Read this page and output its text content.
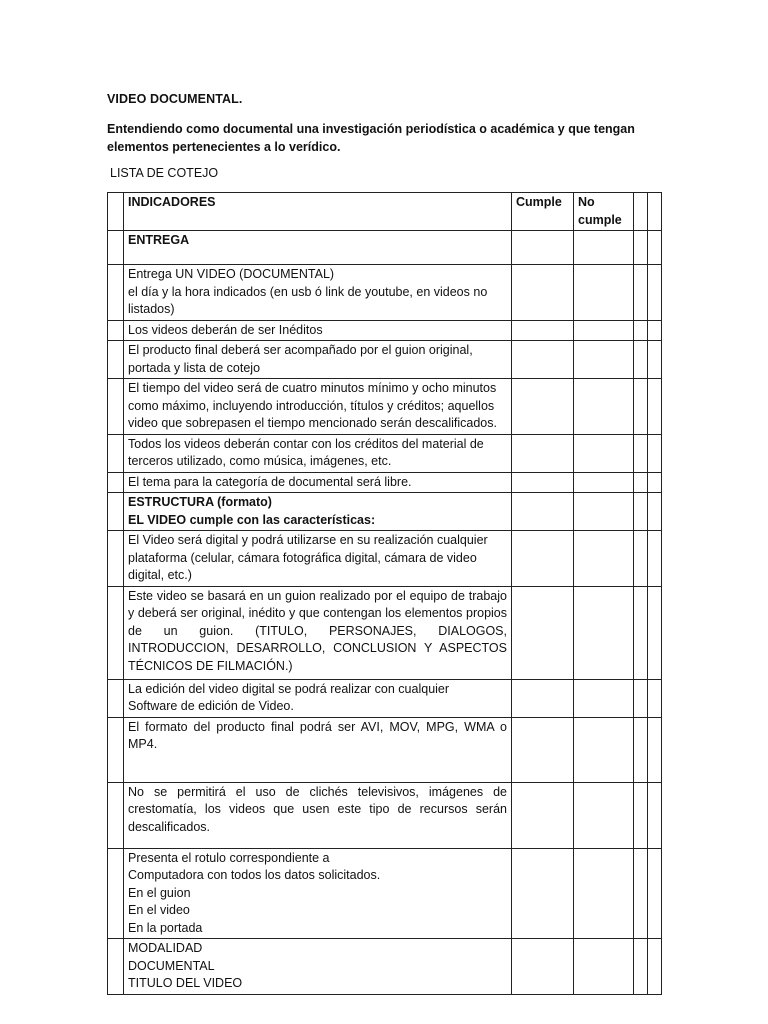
VIDEO DOCUMENTAL.
Entendiendo como documental una investigación periodística o académica y que tengan elementos pertenecientes a lo verídico.
LISTA DE COTEJO
	INDICADORES	Cumple	No
cumple		
	ENTREGA				
	Entrega UN VIDEO (DOCUMENTAL)
el día y la hora indicados (en usb ó link de youtube, en videos no
listados)				
	Los videos deberán de ser Inéditos				
	El producto final deberá ser acompañado por el guion original,
portada y lista de cotejo				
	El tiempo del video será de cuatro minutos mínimo y ocho minutos como máximo, incluyendo introducción, títulos y créditos; aquellos video que sobrepasen el tiempo mencionado serán descalificados.				
	Todos los videos deberán contar con los créditos del material de terceros utilizado, como música, imágenes, etc.				
	El tema para la categoría de documental será libre.				
	ESTRUCTURA (formato)
EL VIDEO cumple con las características:				
	El Video será digital y podrá utilizarse en su realización cualquier plataforma (celular, cámara fotográfica digital, cámara de video digital, etc.)				
	Este video se basará en un guion realizado por el equipo de trabajo y deberá ser original, inédito y que contengan los elementos propios de un guion. (TITULO, PERSONAJES, DIALOGOS, INTRODUCCION, DESARROLLO, CONCLUSION Y ASPECTOS TÉCNICOS DE FILMACIÓN.)				
	La edición del video digital se podrá realizar con cualquier
Software de edición de Video.				
	El formato del producto final podrá ser AVI, MOV, MPG, WMA o MP4.				
	No se permitirá el uso de clichés televisivos, imágenes de crestomatía, los videos que usen este tipo de recursos serán descalificados.				
	Presenta el rotulo correspondiente a
Computadora con todos los datos solicitados.
En el guion
En el video
En la portada				
	MODALIDAD
DOCUMENTAL
TITULO DEL VIDEO				
